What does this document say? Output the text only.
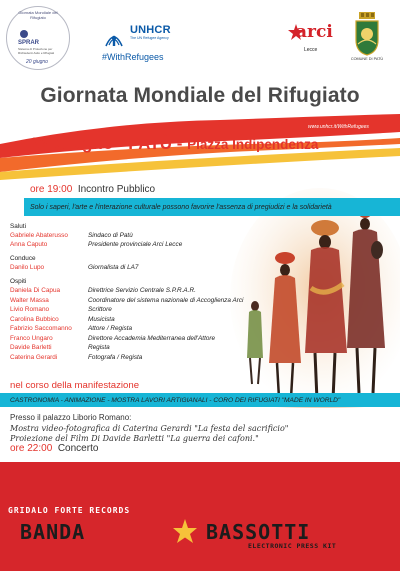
Giornata Mondiale del Rifugiato
SPRAR
Sistema di Protezione per Richiedenti Asilo e Rifugiati
20 giugno
UNHCR
The UN Refugee Agency
#WithRefugees
arci
Lecce
COMUNE DI PATÙ
Giornata Mondiale del Rifugiato
www.unhcr.it/WithRefugees
22 Giugno - PATÙ - Piazza Indipendenza
ore 19:00 Incontro Pubblico
Solo i saperi, l'arte e l'interazione culturale possono favorire l'assenza di pregiudizi e la solidarietà
Saluti
Gabriele Abaterusso	Sindaco di Patù
Anna Caputo	Presidente provinciale Arci Lecce
Conduce
Danilo Lupo	Giornalista di LA7
Ospiti
Daniela Di Capua	Direttrice Servizio Centrale S.P.R.A.R.
Walter Massa	Coordinatore del sistema nazionale di Accoglienza Arci
Livio Romano	Scrittore
Carolina Bubbico	Musicista
Fabrizio Saccomanno	Attore / Regista
Franco Ungaro	Direttore Accademia Mediterranea dell'Attore
Davide Barletti	Regista
Caterina Gerardi	Fotografa / Regista
nel corso della manifestazione
CASTRONOMIA - ANIMAZIONE - MOSTRA LAVORI ARTIGIANALI - CORO DEI RIFUGIATI "MADE IN WORLD"
Presso il palazzo Liborio Romano:
Mostra video-fotografica di Caterina Gerardi "La festa del sacrificio"
Proiezione del Film Di Davide Barletti "La guerra dei cafoni."
ore 22:00 Concerto
GRIDALO FORTE RECORDS
BANDA	BASSOTTI
ELECTRONIC PRESS KIT
